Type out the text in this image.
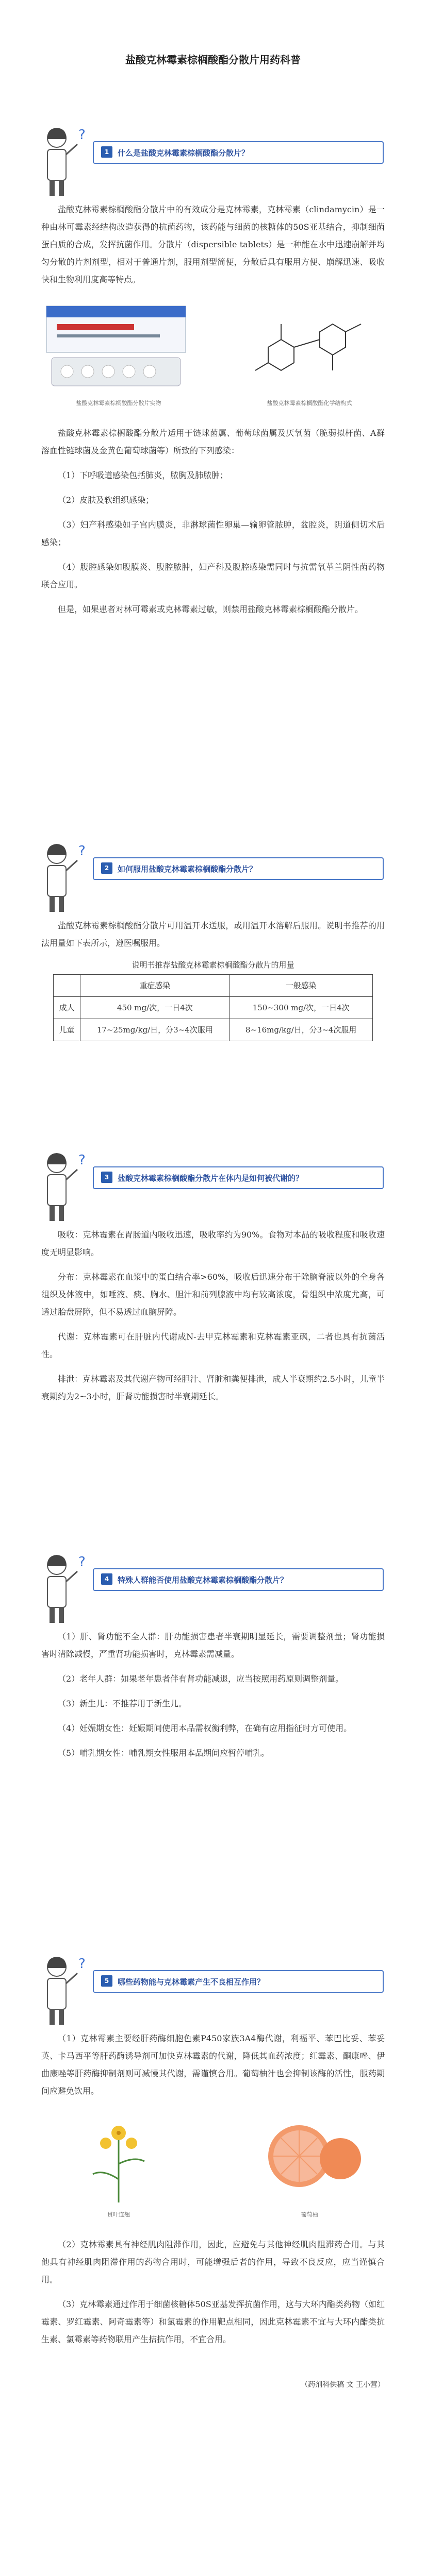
盐酸克林霉素棕榈酸酯分散片用药科普
?
1	什么是盐酸克林霉素棕榈酸酯分散片？

盐酸克林霉素棕榈酸酯分散片中的有效成分是克林霉素，克林霉素（clindamycin）是一种由林可霉素经结构改造获得的抗菌药物，该药能与细菌的核糖体的50S亚基结合，抑制细菌蛋白质的合成，发挥抗菌作用。分散片（dispersible tablets）是一种能在水中迅速崩解并均匀分散的片剂剂型，相对于普通片剂，服用剂型简便，分散后具有服用方便、崩解迅速、吸收快和生物利用度高等特点。

盐酸克林霉素棕榈酸酯分散片实物	盐酸克林霉素棕榈酸酯化学结构式

盐酸克林霉素棕榈酸酯分散片适用于链球菌属、葡萄球菌属及厌氧菌（脆弱拟杆菌、A群溶血性链球菌及金黄色葡萄球菌等）所致的下列感染：

（1）下呼吸道感染包括肺炎，脓胸及肺脓肿；

（2）皮肤及软组织感染；

（3）妇产科感染如子宫内膜炎，非淋球菌性卵巢—输卵管脓肿，盆腔炎，阴道侧切术后感染；

（4）腹腔感染如腹膜炎、腹腔脓肿，妇产科及腹腔感染需同时与抗需氧革兰阴性菌药物联合应用。

但是，如果患者对林可霉素或克林霉素过敏，则禁用盐酸克林霉素棕榈酸酯分散片。

?
2	如何服用盐酸克林霉素棕榈酸酯分散片？

盐酸克林霉素棕榈酸酯分散片可用温开水送服，或用温开水溶解后服用。说明书推荐的用法用量如下表所示，遵医嘱服用。

说明书推荐盐酸克林霉素棕榈酸酯分散片的用量
	重症感染	一般感染
成人	450 mg/次，一日4次	150~300 mg/次，一日4次
儿童	17~25mg/kg/日，分3~4次服用	8~16mg/kg/日，分3~4次服用
?
3	盐酸克林霉素棕榈酸酯分散片在体内是如何被代谢的？

吸收：克林霉素在胃肠道内吸收迅速，吸收率约为90%。食物对本品的吸收程度和吸收速度无明显影响。

分布：克林霉素在血浆中的蛋白结合率>60%，吸收后迅速分布于除脑脊液以外的全身各组织及体液中，如唾液、痰、胸水、胆汁和前列腺液中均有较高浓度，骨组织中浓度尤高，可透过胎盘屏障，但不易透过血脑屏障。

代谢：克林霉素可在肝脏内代谢成N-去甲克林霉素和克林霉素亚砜，二者也具有抗菌活性。

排泄：克林霉素及其代谢产物可经胆汁、肾脏和粪便排泄，成人半衰期约2.5小时，儿童半衰期约为2~3小时，肝肾功能损害时半衰期延长。

?
4	特殊人群能否使用盐酸克林霉素棕榈酸酯分散片？

（1）肝、肾功能不全人群：肝功能损害患者半衰期明显延长，需要调整剂量；肾功能损害时清除减慢，严重肾功能损害时，克林霉素需减量。

（2）老年人群：如果老年患者伴有肾功能减退，应当按照用药原则调整剂量。

（3）新生儿：不推荐用于新生儿。

（4）妊娠期女性：妊娠期间使用本品需权衡利弊，在确有应用指征时方可使用。

（5）哺乳期女性：哺乳期女性服用本品期间应暂停哺乳。

?
5	哪些药物能与克林霉素产生不良相互作用？

（1）克林霉素主要经肝药酶细胞色素P450家族3A4酶代谢，利福平、苯巴比妥、苯妥英、卡马西平等肝药酶诱导剂可加快克林霉素的代谢，降低其血药浓度；红霉素、酮康唑、伊曲康唑等肝药酶抑制剂则可减慢其代谢，需谨慎合用。葡萄柚汁也会抑制该酶的活性，服药期间应避免饮用。

贯叶连翘	葡萄柚

（2）克林霉素具有神经肌肉阻滞作用，因此，应避免与其他神经肌肉阻滞药合用。与其他具有神经肌肉阻滞作用的药物合用时，可能增强后者的作用，导致不良反应，应当谨慎合用。

（3）克林霉素通过作用于细菌核糖体50S亚基发挥抗菌作用，这与大环内酯类药物（如红霉素、罗红霉素、阿奇霉素等）和氯霉素的作用靶点相同，因此克林霉素不宜与大环内酯类抗生素、氯霉素等药物联用产生拮抗作用，不宜合用。

（药剂科供稿 文 王小营）
